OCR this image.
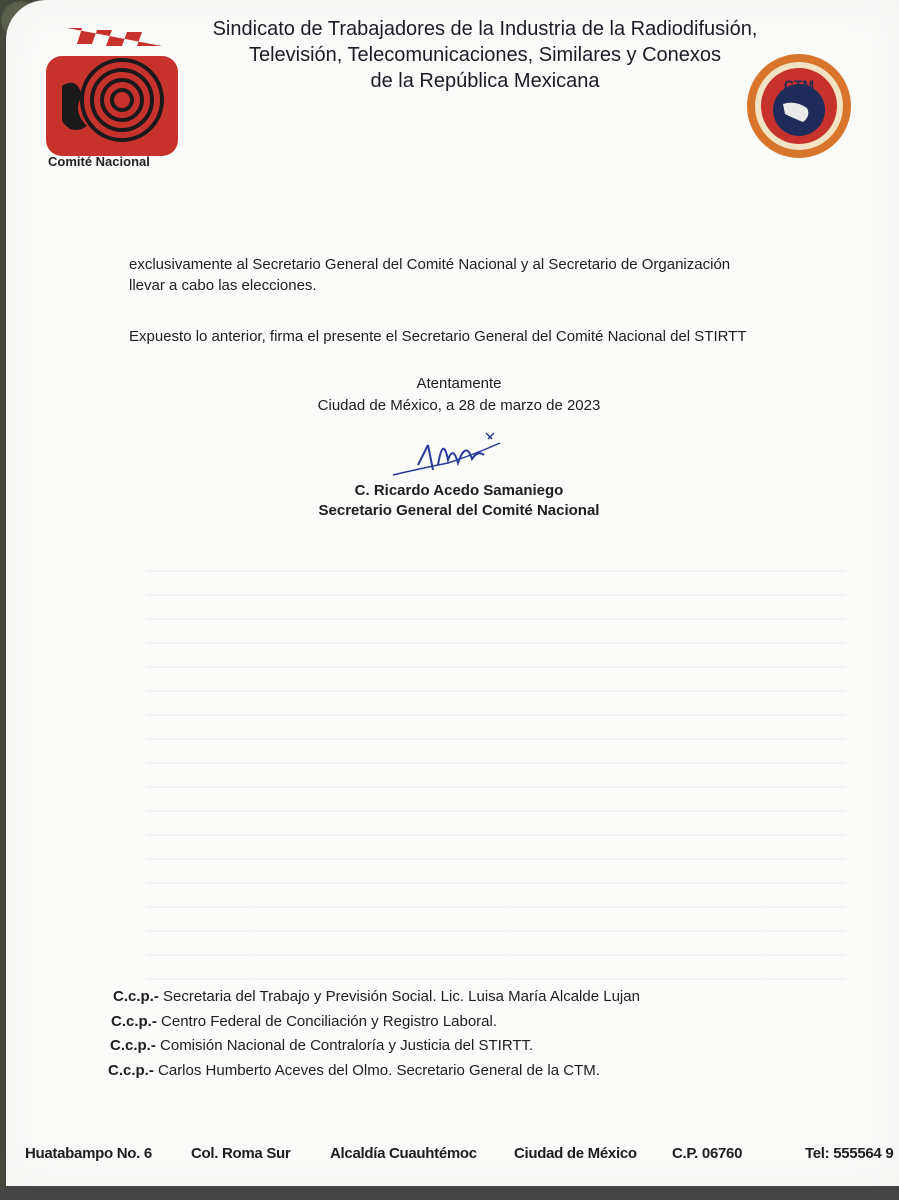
Comité Nacional
Sindicato de Trabajadores de la Industria de la Radiodifusión,
Televisión, Telecomunicaciones, Similares y Conexos
de la República Mexicana	CTM
exclusivamente al Secretario General del Comité Nacional y al Secretario de Organización
llevar a cabo las elecciones.
Expuesto lo anterior, firma el presente el Secretario General del Comité Nacional del STIRTT
Atentamente
Ciudad de México, a 28 de marzo de 2023
C. Ricardo Acedo Samaniego
Secretario General del Comité Nacional
C.c.p.- Secretaria del Trabajo y Previsión Social. Lic. Luisa María Alcalde Lujan
C.c.p.- Centro Federal de Conciliación y Registro Laboral.
C.c.p.- Comisión Nacional de Contraloría y Justicia del STIRTT.
C.c.p.- Carlos Humberto Aceves del Olmo. Secretario General de la CTM.
Huatabampo No. 6	Col. Roma Sur	Alcaldía Cuauhtémoc Ciudad de México C.P. 06760	Tel: 555564 9
